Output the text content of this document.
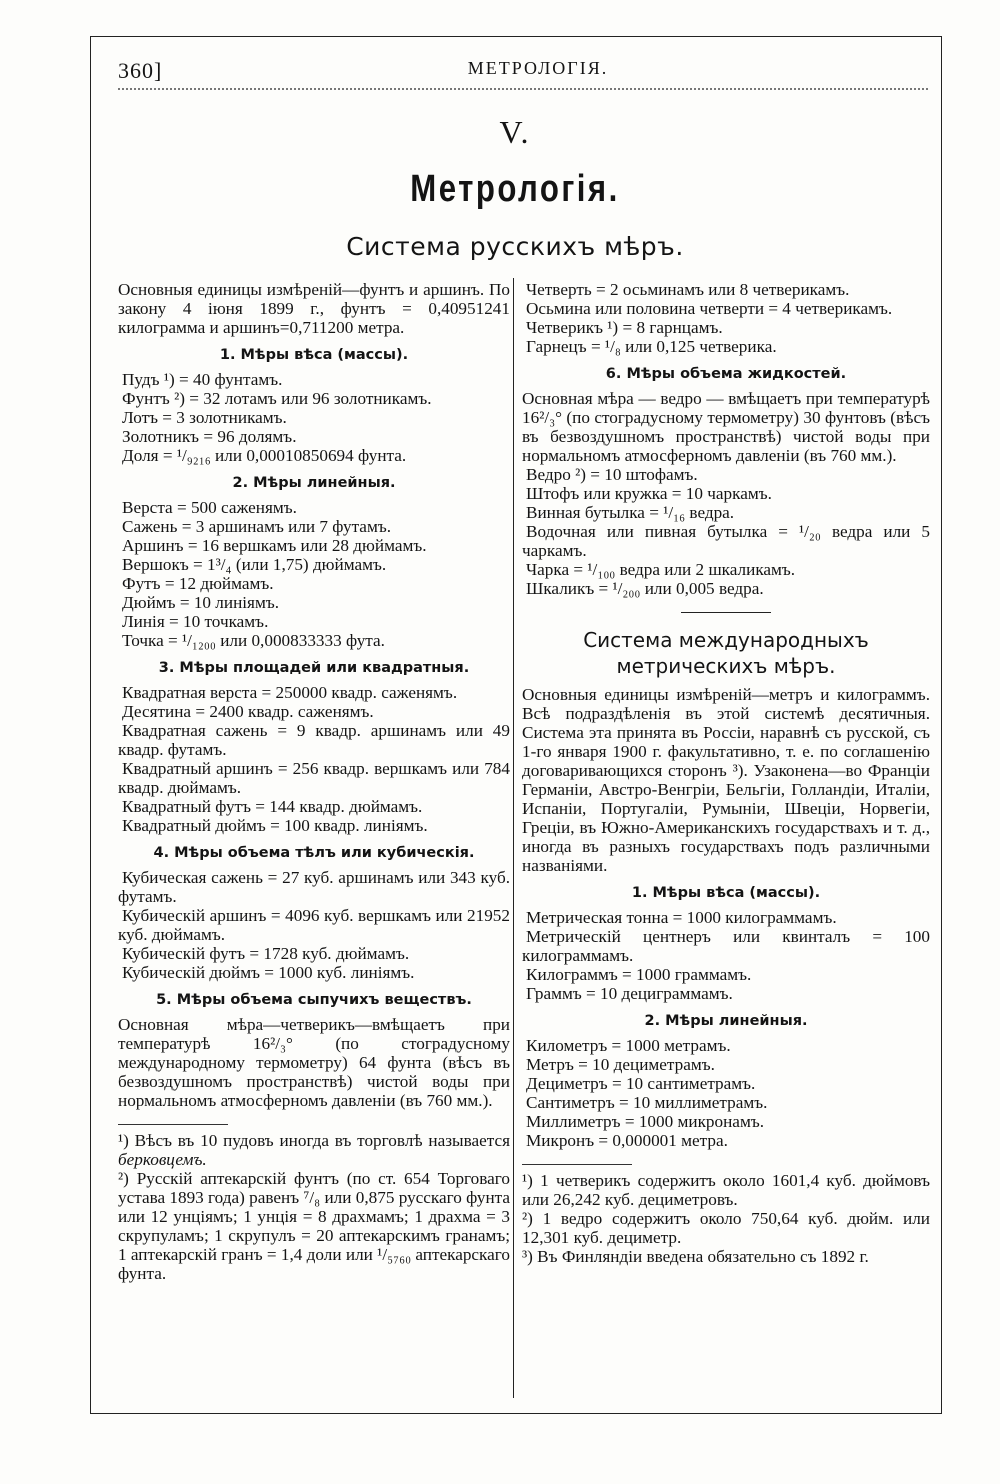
360]	МЕТРОЛОГІЯ.
V.
Метрологія.
Система русскихъ мѣръ.

Основныя единицы измѣреній—фунтъ и аршинъ. По закону 4 іюня 1899 г., фунтъ = 0,40951241 килограмма и аршинъ=0,711200 метра.

1. Мѣры вѣса (массы).

Пудъ ¹) = 40 фунтамъ.

Фунтъ ²) = 32 лотамъ или 96 золотникамъ.

Лотъ = 3 золотникамъ.

Золотникъ = 96 долямъ.

Доля = ¹/₉₂₁₆ или 0,00010850694 фунта.

2. Мѣры линейныя.

Верста = 500 саженямъ.

Сажень = 3 аршинамъ или 7 футамъ.

Аршинъ = 16 вершкамъ или 28 дюймамъ.

Вершокъ = 1³/₄ (или 1,75) дюймамъ.

Футъ = 12 дюймамъ.

Дюймъ = 10 линіямъ.

Линія = 10 точкамъ.

Точка = ¹/₁₂₀₀ или 0,000833333 фута.

3. Мѣры площадей или квадратныя.

Квадратная верста = 250000 квадр. саженямъ.

Десятина = 2400 квадр. саженямъ.

Квадратная сажень = 9 квадр. аршинамъ или 49 квадр. футамъ.

Квадратный аршинъ = 256 квадр. вершкамъ или 784 квадр. дюймамъ.

Квадратный футъ = 144 квадр. дюймамъ.

Квадратный дюймъ = 100 квадр. линіямъ.

4. Мѣры объема тѣлъ или кубическія.

Кубическая сажень = 27 куб. аршинамъ или 343 куб. футамъ.

Кубическій аршинъ = 4096 куб. вершкамъ или 21952 куб. дюймамъ.

Кубическій футъ = 1728 куб. дюймамъ.

Кубическій дюймъ = 1000 куб. линіямъ.

5. Мѣры объема сыпучихъ веществъ.

Основная мѣра—четверикъ—вмѣщаетъ при температурѣ 16²/₃° (по стоградусному международному термометру) 64 фунта (вѣсъ въ безвоздушномъ пространствѣ) чистой воды при нормальномъ атмосферномъ давленіи (въ 760 мм.).

¹) Вѣсъ въ 10 пудовъ иногда въ торговлѣ называется берковцемъ.

²) Русскій аптекарскій фунтъ (по ст. 654 Торговаго устава 1893 года) равенъ ⁷/₈ или 0,875 русскаго фунта или 12 унціямъ; 1 унція = 8 драхмамъ; 1 драхма = 3 скрупуламъ; 1 скрупулъ = 20 аптекарскимъ гранамъ; 1 аптекарскій гранъ = 1,4 доли или ¹/₅₇₆₀ аптекарскаго фунта.

Четверть = 2 осьминамъ или 8 четверикамъ.

Осьмина или половина четверти = 4 четверикамъ.

Четверикъ ¹) = 8 гарнцамъ.

Гарнецъ = ¹/₈ или 0,125 четверика.

6. Мѣры объема жидкостей.

Основная мѣра — ведро — вмѣщаетъ при температурѣ 16²/₃° (по стоградусному термометру) 30 фунтовъ (вѣсъ въ безвоздушномъ пространствѣ) чистой воды при нормальномъ атмосферномъ давленіи (въ 760 мм.).

Ведро ²) = 10 штофамъ.

Штофъ или кружка = 10 чаркамъ.

Винная бутылка = ¹/₁₆ ведра.

Водочная или пивная бутылка = ¹/₂₀ ведра или 5 чаркамъ.

Чарка = ¹/₁₀₀ ведра или 2 шкаликамъ.

Шкаликъ = ¹/₂₀₀ или 0,005 ведра.

Система международныхъ метрическихъ мѣръ.

Основныя единицы измѣреній—метръ и килограммъ. Всѣ подраздѣленія въ этой системѣ десятичныя. Система эта принята въ Россіи, наравнѣ съ русской, съ 1-го января 1900 г. факультативно, т. е. по соглашенію договаривающихся сторонъ ³). Узаконена—во Франціи Германіи, Австро-Венгріи, Бельгіи, Голландіи, Италіи, Испаніи, Португаліи, Румыніи, Швеціи, Норвегіи, Греціи, въ Южно-Американскихъ государствахъ и т. д., иногда въ разныхъ государствахъ подъ различными названіями.

1. Мѣры вѣса (массы).

Метрическая тонна = 1000 килограммамъ.

Метрическій центнеръ или квинталъ = 100 килограммамъ.

Килограммъ = 1000 граммамъ.

Граммъ = 10 дециграммамъ.

2. Мѣры линейныя.

Километръ = 1000 метрамъ.

Метръ = 10 дециметрамъ.

Дециметръ = 10 сантиметрамъ.

Сантиметръ = 10 миллиметрамъ.

Миллиметръ = 1000 микронамъ.

Микронъ = 0,000001 метра.

¹) 1 четверикъ содержитъ около 1601,4 куб. дюймовъ или 26,242 куб. дециметровъ.

²) 1 ведро содержитъ около 750,64 куб. дюйм. или 12,301 куб. дециметр.

³) Въ Финляндіи введена обязательно съ 1892 г.
